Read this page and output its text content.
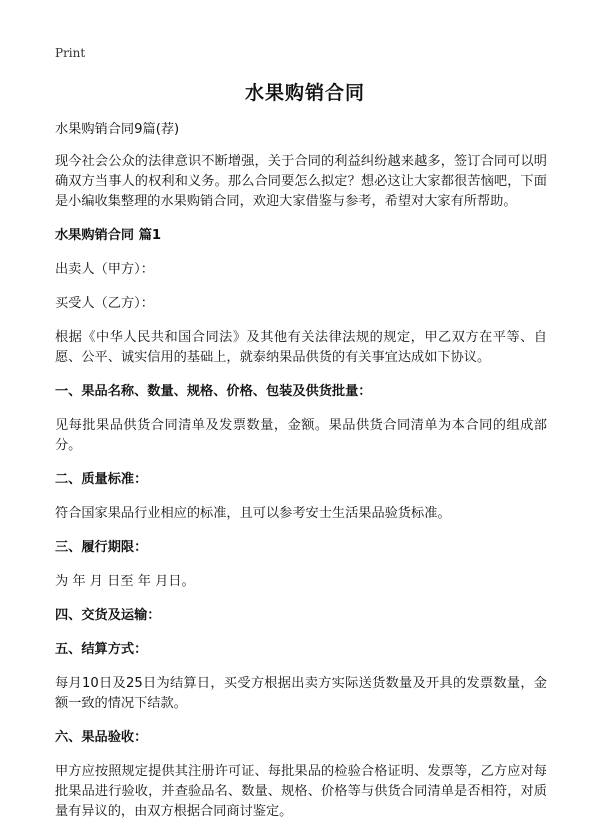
Print
水果购销合同

水果购销合同9篇(荐)

现今社会公众的法律意识不断增强，关于合同的利益纠纷越来越多，签订合同可以明确双方当事人的权利和义务。那么合同要怎么拟定？想必这让大家都很苦恼吧，下面是小编收集整理的水果购销合同，欢迎大家借鉴与参考，希望对大家有所帮助。

水果购销合同 篇1

出卖人（甲方）：

买受人（乙方）：

根据《中华人民共和国合同法》及其他有关法律法规的规定，甲乙双方在平等、自愿、公平、诚实信用的基础上，就泰纳果品供货的有关事宜达成如下协议。

一、果品名称、数量、规格、价格、包装及供货批量：

见每批果品供货合同清单及发票数量，金额。果品供货合同清单为本合同的组成部分。

二、质量标准：

符合国家果品行业相应的标准，且可以参考安士生活果品验货标准。

三、履行期限：

为 年 月 日至 年 月日。

四、交货及运输：

五、结算方式：

每月10日及25日为结算日，买受方根据出卖方实际送货数量及开具的发票数量，金额一致的情况下结款。

六、果品验收：

甲方应按照规定提供其注册许可证、每批果品的检验合格证明、发票等，乙方应对每批果品进行验收，并查验品名、数量、规格、价格等与供货合同清单是否相符，对质量有异议的，由双方根据合同商讨鉴定。
